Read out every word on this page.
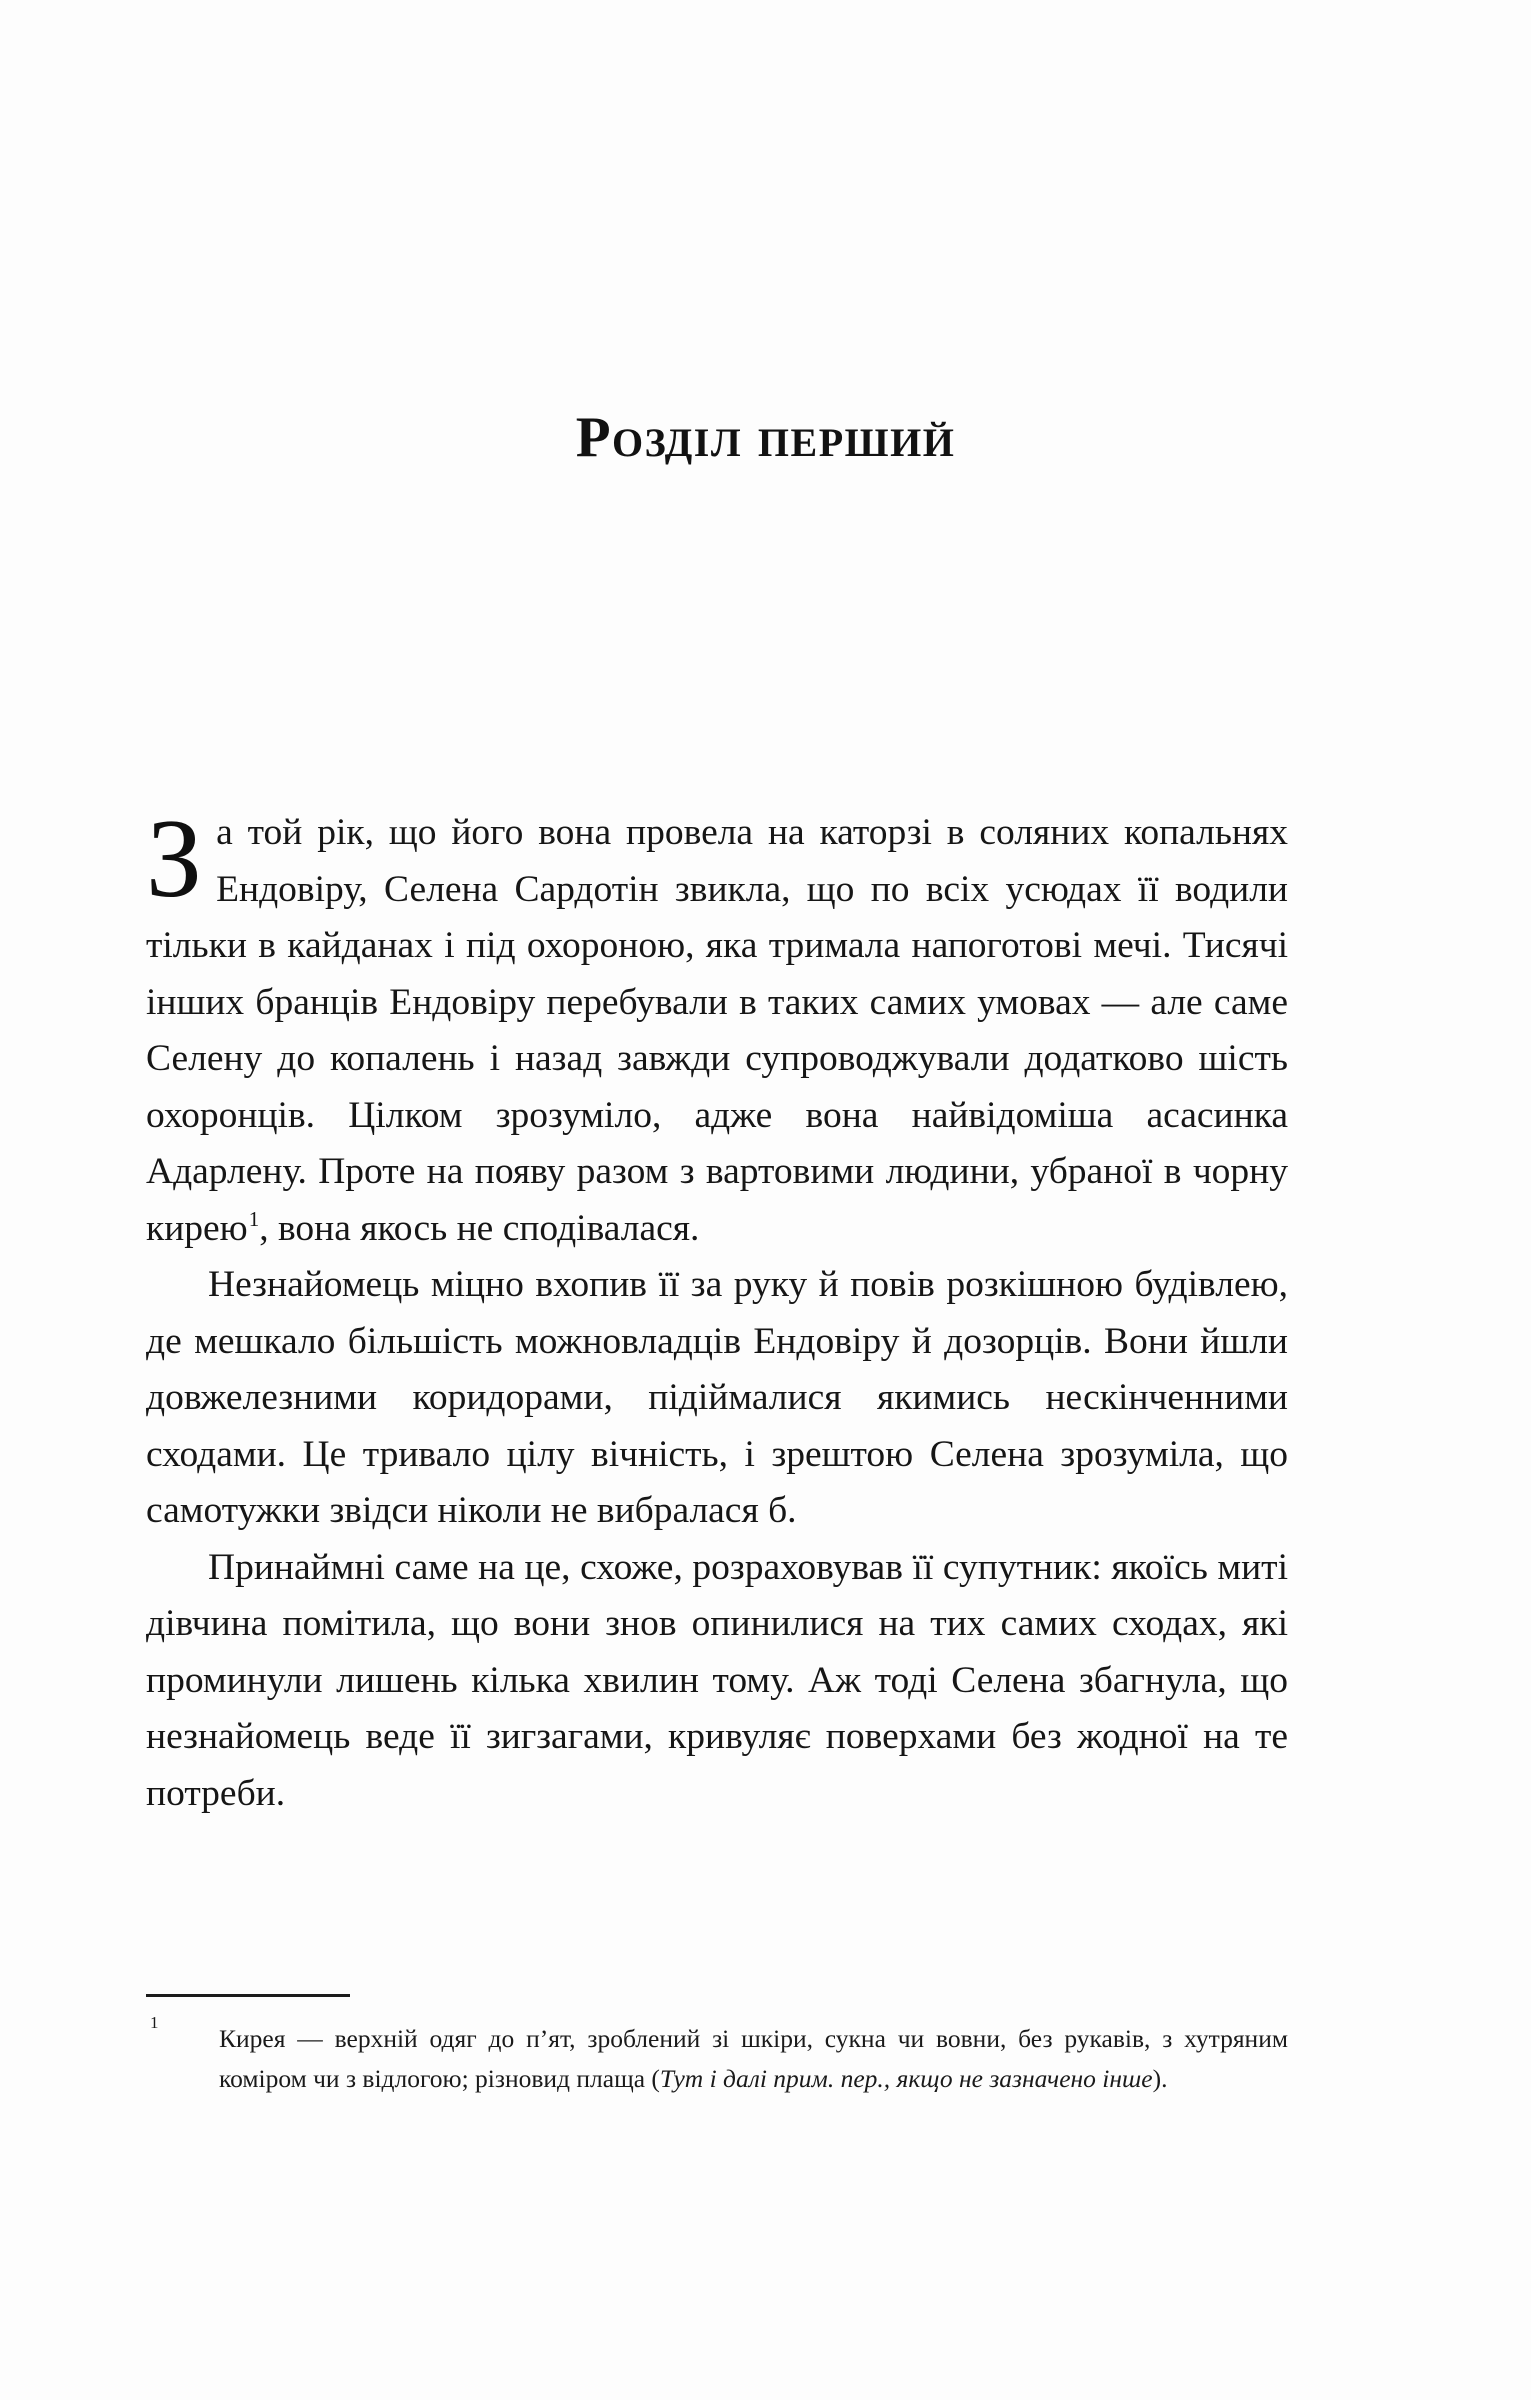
Розділ перший

За той рік, що його вона провела на каторзі в соляних копальнях Ендовіру, Селена Сардотін звикла, що по всіх усюдах її водили тільки в кайданах і під охороною, яка тримала напоготові мечі. Тисячі інших бранців Ендовіру перебували в таких самих умовах — але саме Селену до копалень і назад завжди супроводжували додатково шість охоронців. Цілком зрозуміло, адже вона найвідоміша асасинка Адарлену. Проте на появу разом з вартовими людини, убраної в чорну кирею$^1$, вона якось не сподівалася.

Незнайомець міцно вхопив її за руку й повів розкішною будівлею, де мешкало більшість можновладців Ендовіру й дозорців. Вони йшли довжелезними коридорами, підіймалися якимись нескінченними сходами. Це тривало цілу вічність, і зрештою Селена зрозуміла, що самотужки звідси ніколи не вибралася б.

Принаймні саме на це, схоже, розраховував її супутник: якоїсь миті дівчина помітила, що вони знов опинилися на тих самих сходах, які проминули лишень кілька хвилин тому. Аж тоді Селена збагнула, що незнайомець веде її зигзагами, кривуляє поверхами без жодної на те потреби.

1
Кирея — верхній одяг до п’ят, зроблений зі шкіри, сукна чи вовни, без рукавів, з хутряним коміром чи з відлогою; різновид плаща (Тут і далі прим. пер., якщо не зазначено інше).
